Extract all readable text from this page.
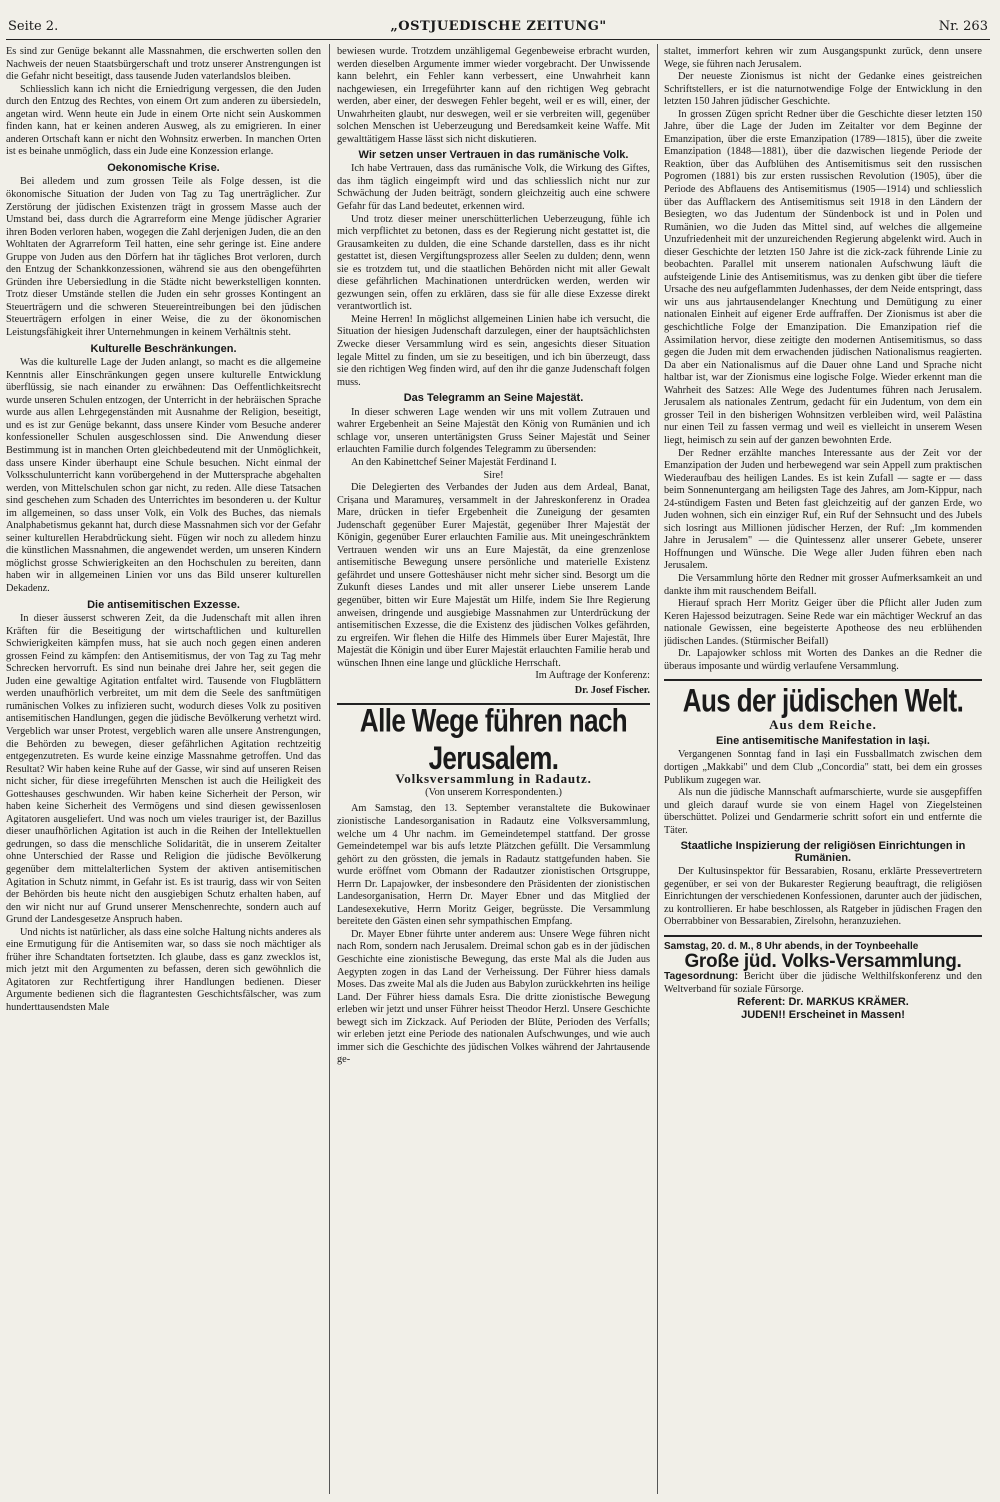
Seite 2.	„OSTJUEDISCHE ZEITUNG"	Nr. 263

Es sind zur Genüge bekannt alle Massnahmen, die erschwerten sollen den Nachweis der neuen Staatsbürgerschaft und trotz unserer Anstrengungen ist die Gefahr nicht beseitigt, dass tausende Juden vaterlandslos bleiben.

Schliesslich kann ich nicht die Erniedrigung vergessen, die den Juden durch den Entzug des Rechtes, von einem Ort zum anderen zu übersiedeln, angetan wird. Wenn heute ein Jude in einem Orte nicht sein Auskommen finden kann, hat er keinen anderen Ausweg, als zu emigrieren. In einer anderen Ortschaft kann er nicht den Wohnsitz erwerben. In manchen Orten ist es beinahe unmöglich, dass ein Jude eine Konzession erlange.

Oekonomische Krise.

Bei alledem und zum grossen Teile als Folge dessen, ist die ökonomische Situation der Juden von Tag zu Tag unerträglicher. Zur Zerstörung der jüdischen Existenzen trägt in grossem Masse auch der Umstand bei, dass durch die Agrarreform eine Menge jüdischer Agrarier ihren Boden verloren haben, wogegen die Zahl derjenigen Juden, die an den Wohltaten der Agrarreform Teil hatten, eine sehr geringe ist. Eine andere Gruppe von Juden aus den Dörfern hat ihr tägliches Brot verloren, durch den Entzug der Schankkonzessionen, während sie aus den obengeführten Gründen ihre Uebersiedlung in die Städte nicht bewerkstelligen konnten. Trotz dieser Umstände stellen die Juden ein sehr grosses Kontingent an Steuerträgern und die schweren Steuereintreibungen bei den jüdischen Steuerträgern erfolgen in einer Weise, die zu der ökonomischen Leistungsfähigkeit ihrer Unternehmungen in keinem Verhältnis steht.

Kulturelle Beschränkungen.

Was die kulturelle Lage der Juden anlangt, so macht es die allgemeine Kenntnis aller Einschränkungen gegen unsere kulturelle Entwicklung überflüssig, sie nach einander zu erwähnen: Das Oeffentlichkeitsrecht wurde unseren Schulen entzogen, der Unterricht in der hebräischen Sprache wurde aus allen Lehrgegenständen mit Ausnahme der Religion, beseitigt, und es ist zur Genüge bekannt, dass unsere Kinder vom Besuche anderer konfessioneller Schulen ausgeschlossen sind. Die Anwendung dieser Bestimmung ist in manchen Orten gleichbedeutend mit der Unmöglichkeit, dass unsere Kinder überhaupt eine Schule besuchen. Nicht einmal der Volksschulunterricht kann vorübergehend in der Muttersprache abgehalten werden, von Mittelschulen schon gar nicht, zu reden. Alle diese Tatsachen sind geschehen zum Schaden des Unterrichtes im besonderen u. der Kultur im allgemeinen, so dass unser Volk, ein Volk des Buches, das niemals Analphabetismus gekannt hat, durch diese Massnahmen sich vor der Gefahr seiner kulturellen Herabdrückung sieht. Fügen wir noch zu alledem hinzu die künstlichen Massnahmen, die angewendet werden, um unseren Kindern möglichst grosse Schwierigkeiten an den Hochschulen zu bereiten, dann haben wir in allgemeinen Linien vor uns das Bild unserer kulturellen Dekadenz.

Die antisemitischen Exzesse.

In dieser äusserst schweren Zeit, da die Judenschaft mit allen ihren Kräften für die Beseitigung der wirtschaftlichen und kulturellen Schwierigkeiten kämpfen muss, hat sie auch noch gegen einen anderen grossen Feind zu kämpfen: den Antisemitismus, der von Tag zu Tag mehr Schrecken hervorruft. Es sind nun beinahe drei Jahre her, seit gegen die Juden eine gewaltige Agitation entfaltet wird. Tausende von Flugblättern werden unaufhörlich verbreitet, um mit dem die Seele des sanftmütigen rumänischen Volkes zu infizieren sucht, wodurch dieses Volk zu positiven antisemitischen Handlungen, gegen die jüdische Bevölkerung verhetzt wird. Vergeblich war unser Protest, vergeblich waren alle unsere Anstrengungen, die Behörden zu bewegen, dieser gefährlichen Agitation rechtzeitig entgegenzutreten. Es wurde keine einzige Massnahme getroffen. Und das Resultat? Wir haben keine Ruhe auf der Gasse, wir sind auf unseren Reisen nicht sicher, für diese irregeführten Menschen ist auch die Heiligkeit des Gotteshauses geschwunden. Wir haben keine Sicherheit der Person, wir haben keine Sicherheit des Vermögens und sind diesen gewissenlosen Agitatoren ausgeliefert. Und was noch um vieles trauriger ist, der Bazillus dieser unaufhörlichen Agitation ist auch in die Reihen der Intellektuellen gedrungen, so dass die menschliche Solidarität, die in unserem Zeitalter ohne Unterschied der Rasse und Religion die jüdische Bevölkerung gegenüber dem mittelalterlichen System der aktiven antisemitischen Agitation in Schutz nimmt, in Gefahr ist. Es ist traurig, dass wir von Seiten der Behörden bis heute nicht den ausgiebigen Schutz erhalten haben, auf den wir nicht nur auf Grund unserer Menschenrechte, sondern auch auf Grund der Landesgesetze Anspruch haben.

Und nichts ist natürlicher, als dass eine solche Haltung nichts anderes als eine Ermutigung für die Antisemiten war, so dass sie noch mächtiger als früher ihre Schandtaten fortsetzten. Ich glaube, dass es ganz zwecklos ist, mich jetzt mit den Argumenten zu befassen, deren sich gewöhnlich die Agitatoren zur Rechtfertigung ihrer Handlungen bedienen. Dieser Argumente bedienen sich die flagrantesten Geschichtsfälscher, was zum hunderttausendsten Male

bewiesen wurde. Trotzdem unzähligemal Gegenbeweise erbracht wurden, werden dieselben Argumente immer wieder vorgebracht. Der Unwissende kann belehrt, ein Fehler kann verbessert, eine Unwahrheit kann nachgewiesen, ein Irregeführter kann auf den richtigen Weg gebracht werden, aber einer, der deswegen Fehler begeht, weil er es will, einer, der Unwahrheiten glaubt, nur deswegen, weil er sie verbreiten will, gegenüber solchen Menschen ist Ueberzeugung und Beredsamkeit keine Waffe. Mit gewalttätigem Hasse lässt sich nicht diskutieren.

Wir setzen unser Vertrauen in das rumänische Volk.

Ich habe Vertrauen, dass das rumänische Volk, die Wirkung des Giftes, das ihm täglich eingeimpft wird und das schliesslich nicht nur zur Schwächung der Juden beiträgt, sondern gleichzeitig auch eine schwere Gefahr für das Land bedeutet, erkennen wird.

Und trotz dieser meiner unerschütterlichen Ueberzeugung, fühle ich mich verpflichtet zu betonen, dass es der Regierung nicht gestattet ist, die Grausamkeiten zu dulden, die eine Schande darstellen, dass es ihr nicht gestattet ist, diesen Vergiftungsprozess aller Seelen zu dulden; denn, wenn sie es trotzdem tut, und die staatlichen Behörden nicht mit aller Gewalt diese gefährlichen Machinationen unterdrücken werden, werden wir gezwungen sein, offen zu erklären, dass sie für alle diese Exzesse direkt verantwortlich ist.

Meine Herren! In möglichst allgemeinen Linien habe ich versucht, die Situation der hiesigen Judenschaft darzulegen, einer der hauptsächlichsten Zwecke dieser Versammlung wird es sein, angesichts dieser Situation legale Mittel zu finden, um sie zu beseitigen, und ich bin überzeugt, dass sie den richtigen Weg finden wird, auf den ihr die ganze Judenschaft folgen muss.

Das Telegramm an Seine Majestät.

In dieser schweren Lage wenden wir uns mit vollem Zutrauen und wahrer Ergebenheit an Seine Majestät den König von Rumänien und ich schlage vor, unseren untertänigsten Gruss Seiner Majestät und Seiner erlauchten Familie durch folgendes Telegramm zu übersenden:

An den Kabinettchef Seiner Majestät Ferdinand I.

Sire!

Die Delegierten des Verbandes der Juden aus dem Ardeal, Banat, Crișana und Maramureș, versammelt in der Jahreskonferenz in Oradea Mare, drücken in tiefer Ergebenheit die Zuneigung der gesamten Judenschaft gegenüber Eurer Majestät, gegenüber Ihrer Majestät der Königin, gegenüber Eurer erlauchten Familie aus. Mit uneingeschränktem Vertrauen wenden wir uns an Eure Majestät, da eine grenzenlose antisemitische Bewegung unsere persönliche und materielle Existenz gefährdet und unsere Gotteshäuser nicht mehr sicher sind. Besorgt um die Zukunft dieses Landes und mit aller unserer Liebe unserem Lande gegenüber, bitten wir Eure Majestät um Hilfe, indem Sie Ihre Regierung anweisen, dringende und ausgiebige Massnahmen zur Unterdrückung der antisemitischen Exzesse, die die Existenz des jüdischen Volkes gefährden, zu ergreifen. Wir flehen die Hilfe des Himmels über Eurer Majestät, Ihre Majestät die Königin und über Eurer Majestät erlauchten Familie herab und wünschen Ihnen eine lange und glückliche Herrschaft.

Im Auftrage der Konferenz:

Dr. Josef Fischer.

Alle Wege führen nach Jerusalem.
Volksversammlung in Radautz.
(Von unserem Korrespondenten.)

Am Samstag, den 13. September veranstaltete die Bukowinaer zionistische Landesorganisation in Radautz eine Volksversammlung, welche um 4 Uhr nachm. im Gemeindetempel stattfand. Der grosse Gemeindetempel war bis aufs letzte Plätzchen gefüllt. Die Versammlung gehört zu den grössten, die jemals in Radautz stattgefunden haben. Sie wurde eröffnet vom Obmann der Radautzer zionistischen Ortsgruppe, Herrn Dr. Lapajowker, der insbesondere den Präsidenten der zionistischen Landesorganisation, Herrn Dr. Mayer Ebner und das Mitglied der Landesexekutive, Herrn Moritz Geiger, begrüsste. Die Versammlung bereitete den Gästen einen sehr sympathischen Empfang.

Dr. Mayer Ebner führte unter anderem aus: Unsere Wege führen nicht nach Rom, sondern nach Jerusalem. Dreimal schon gab es in der jüdischen Geschichte eine zionistische Bewegung, das erste Mal als die Juden aus Aegypten zogen in das Land der Verheissung. Der Führer hiess damals Moses. Das zweite Mal als die Juden aus Babylon zurückkehrten ins heilige Land. Der Führer hiess damals Esra. Die dritte zionistische Bewegung erleben wir jetzt und unser Führer heisst Theodor Herzl. Unsere Geschichte bewegt sich im Zickzack. Auf Perioden der Blüte, Perioden des Verfalls; wir erleben jetzt eine Periode des nationalen Aufschwunges, und wie auch immer sich die Geschichte des jüdischen Volkes während der Jahrtausende ge-

staltet, immerfort kehren wir zum Ausgangspunkt zurück, denn unsere Wege, sie führen nach Jerusalem.

Der neueste Zionismus ist nicht der Gedanke eines geistreichen Schriftstellers, er ist die naturnotwendige Folge der Entwicklung in den letzten 150 Jahren jüdischer Geschichte.

In grossen Zügen spricht Redner über die Geschichte dieser letzten 150 Jahre, über die Lage der Juden im Zeitalter vor dem Beginne der Emanzipation, über die erste Emanzipation (1789—1815), über die zweite Emanzipation (1848—1881), über die dazwischen liegende Periode der Reaktion, über das Aufblühen des Antisemitismus seit den russischen Pogromen (1881) bis zur ersten russischen Revolution (1905), über die Periode des Abflauens des Antisemitismus (1905—1914) und schliesslich über das Aufflackern des Antisemitismus seit 1918 in den Ländern der Besiegten, wo das Judentum der Sündenbock ist und in Polen und Rumänien, wo die Juden das Mittel sind, auf welches die allgemeine Unzufriedenheit mit der unzureichenden Regierung abgelenkt wird. Auch in dieser Geschichte der letzten 150 Jahre ist die zick-zack führende Linie zu beobachten. Parallel mit unserem nationalen Aufschwung läuft die aufsteigende Linie des Antisemitismus, was zu denken gibt über die tiefere Ursache des neu aufgeflammten Judenhasses, der dem Neide entspringt, dass wir uns aus jahrtausendelanger Knechtung und Demütigung zu einer nationalen Einheit auf eigener Erde auffraffen. Der Zionismus ist aber die geschichtliche Folge der Emanzipation. Die Emanzipation rief die Assimilation hervor, diese zeitigte den modernen Antisemitismus, so dass gegen die Juden mit dem erwachenden jüdischen Nationalismus reagierten. Da aber ein Nationalismus auf die Dauer ohne Land und Sprache nicht haltbar ist, war der Zionismus eine logische Folge. Wieder erkennt man die Wahrheit des Satzes: Alle Wege des Judentumes führen nach Jerusalem. Jerusalem als nationales Zentrum, gedacht für ein Judentum, von dem ein grosser Teil in den bisherigen Wohnsitzen verbleiben wird, weil Palästina nur einen Teil zu fassen vermag und weil es vielleicht in unserem Wesen liegt, heimisch zu sein auf der ganzen bewohnten Erde.

Der Redner erzählte manches Interessante aus der Zeit vor der Emanzipation der Juden und herbewegend war sein Appell zum praktischen Wiederaufbau des heiligen Landes. Es ist kein Zufall — sagte er — dass beim Sonnenuntergang am heiligsten Tage des Jahres, am Jom-Kippur, nach 24-stündigem Fasten und Beten fast gleichzeitig auf der ganzen Erde, wo Juden wohnen, sich ein einziger Ruf, ein Ruf der Sehnsucht und des Jubels sich losringt aus Millionen jüdischer Herzen, der Ruf: „Im kommenden Jahre in Jerusalem" — die Quintessenz aller unserer Gebete, unserer Hoffnungen und Wünsche. Die Wege aller Juden führen eben nach Jerusalem.

Die Versammlung hörte den Redner mit grosser Aufmerksamkeit an und dankte ihm mit rauschendem Beifall.

Hierauf sprach Herr Moritz Geiger über die Pflicht aller Juden zum Keren Hajessod beizutragen. Seine Rede war ein mächtiger Weckruf an das nationale Gewissen, eine begeisterte Apotheose des neu erblühenden jüdischen Landes. (Stürmischer Beifall)

Dr. Lapajowker schloss mit Worten des Dankes an die Redner die überaus imposante und würdig verlaufene Versammlung.

Aus der jüdischen Welt.
Aus dem Reiche.
Eine antisemitische Manifestation in Iași.

Vergangenen Sonntag fand in Iași ein Fussballmatch zwischen dem dortigen „Makkabi" und dem Club „Concordia" statt, bei dem ein grosses Publikum zugegen war.

Als nun die jüdische Mannschaft aufmarschierte, wurde sie ausgepfiffen und gleich darauf wurde sie von einem Hagel von Ziegelsteinen überschüttet. Polizei und Gendarmerie schritt sofort ein und entfernte die Täter.

Staatliche Inspizierung der religiösen Einrichtungen in Rumänien.

Der Kultusinspektor für Bessarabien, Rosanu, erklärte Pressevertretern gegenüber, er sei von der Bukarester Regierung beauftragt, die religiösen Einrichtungen der verschiedenen Konfessionen, darunter auch der jüdischen, zu kontrollieren. Er habe beschlossen, als Ratgeber in jüdischen Fragen den Oberrabbiner von Bessarabien, Zirelsohn, heranzuziehen.

Samstag, 20. d. M., 8 Uhr abends, in der Toynbeehalle
Große jüd. Volks-Versammlung.
Tagesordnung: Bericht über die jüdische Welthilfskonferenz und den Weltverband für soziale Fürsorge.
Referent: Dr. MARKUS KRÄMER.
JUDEN!! Erscheinet in Massen!
